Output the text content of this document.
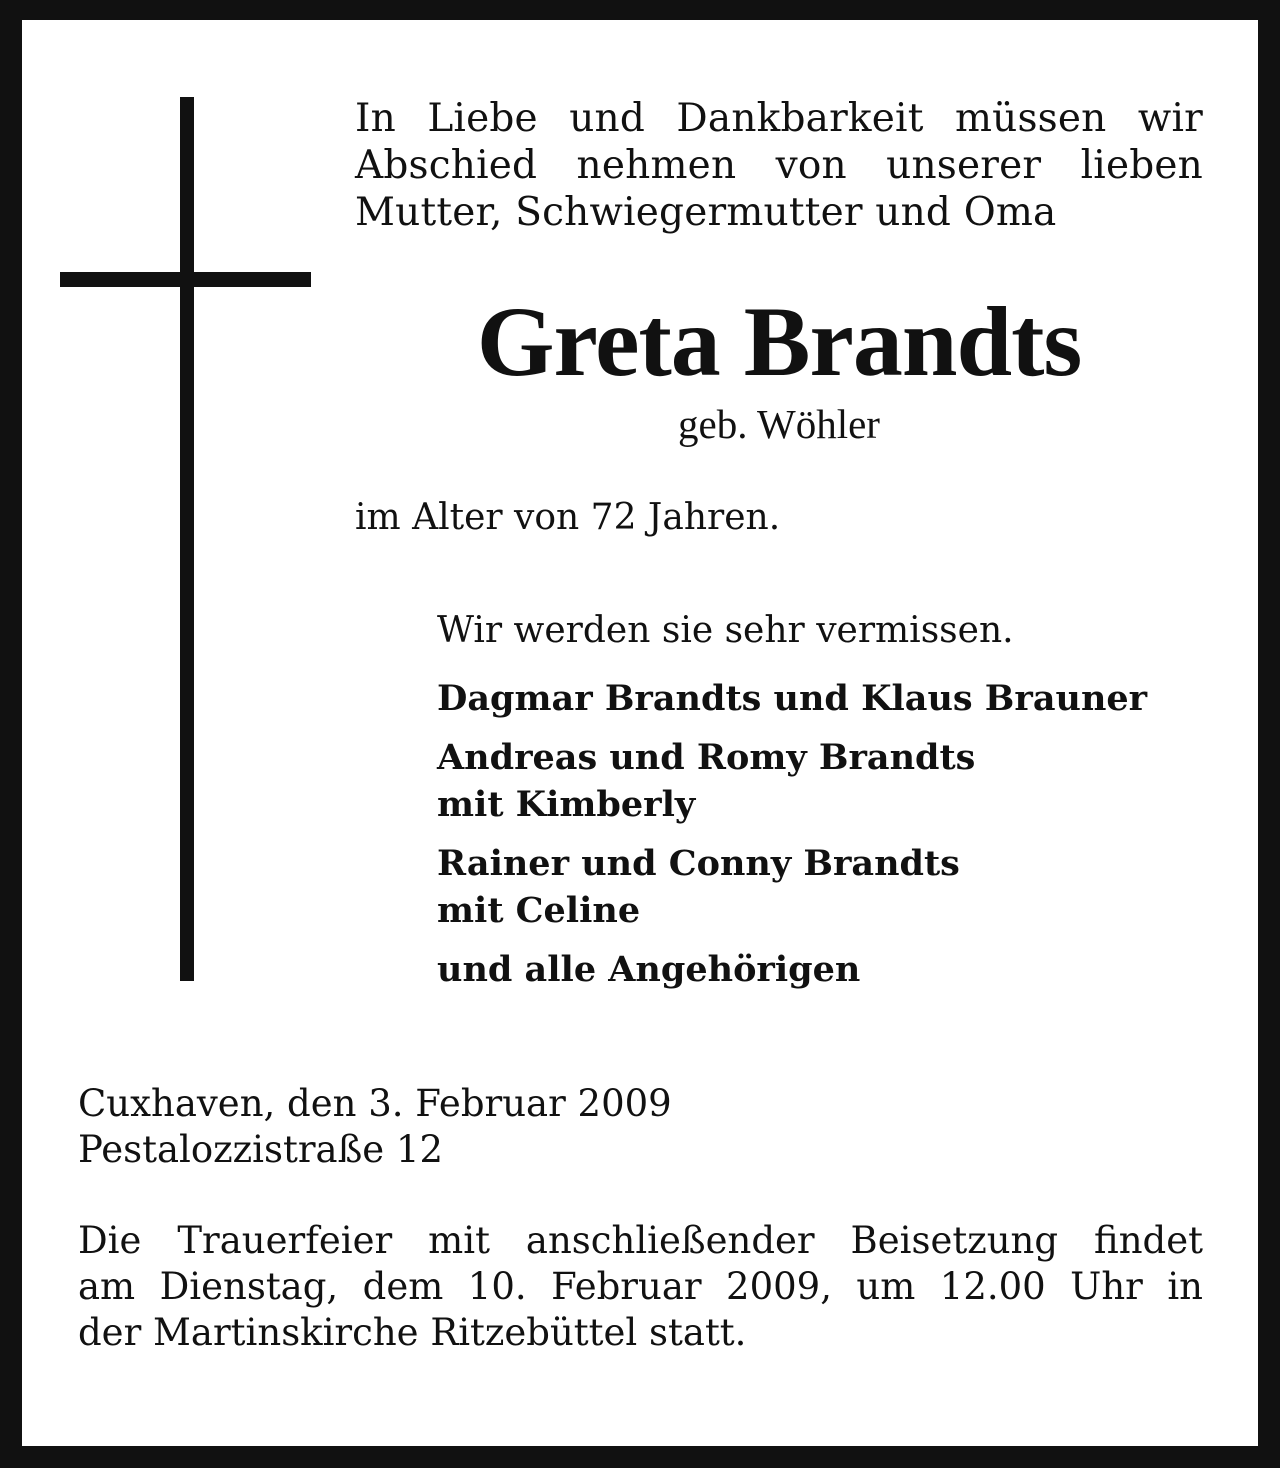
In Liebe und Dankbarkeit müssen wir
Abschied nehmen von unserer lieben
Mutter, Schwiegermutter und Oma
Greta Brandts
geb. Wöhler
im Alter von 72 Jahren.
Wir werden sie sehr vermissen.
Dagmar Brandts und Klaus Brauner
Andreas und Romy Brandts
mit Kimberly
Rainer und Conny Brandts
mit Celine
und alle Angehörigen
Cuxhaven, den 3. Februar 2009
Pestalozzistraße 12
Die Trauerfeier mit anschließender Beisetzung findet
am Dienstag, dem 10. Februar 2009, um 12.00 Uhr in
der Martinskirche Ritzebüttel statt.
